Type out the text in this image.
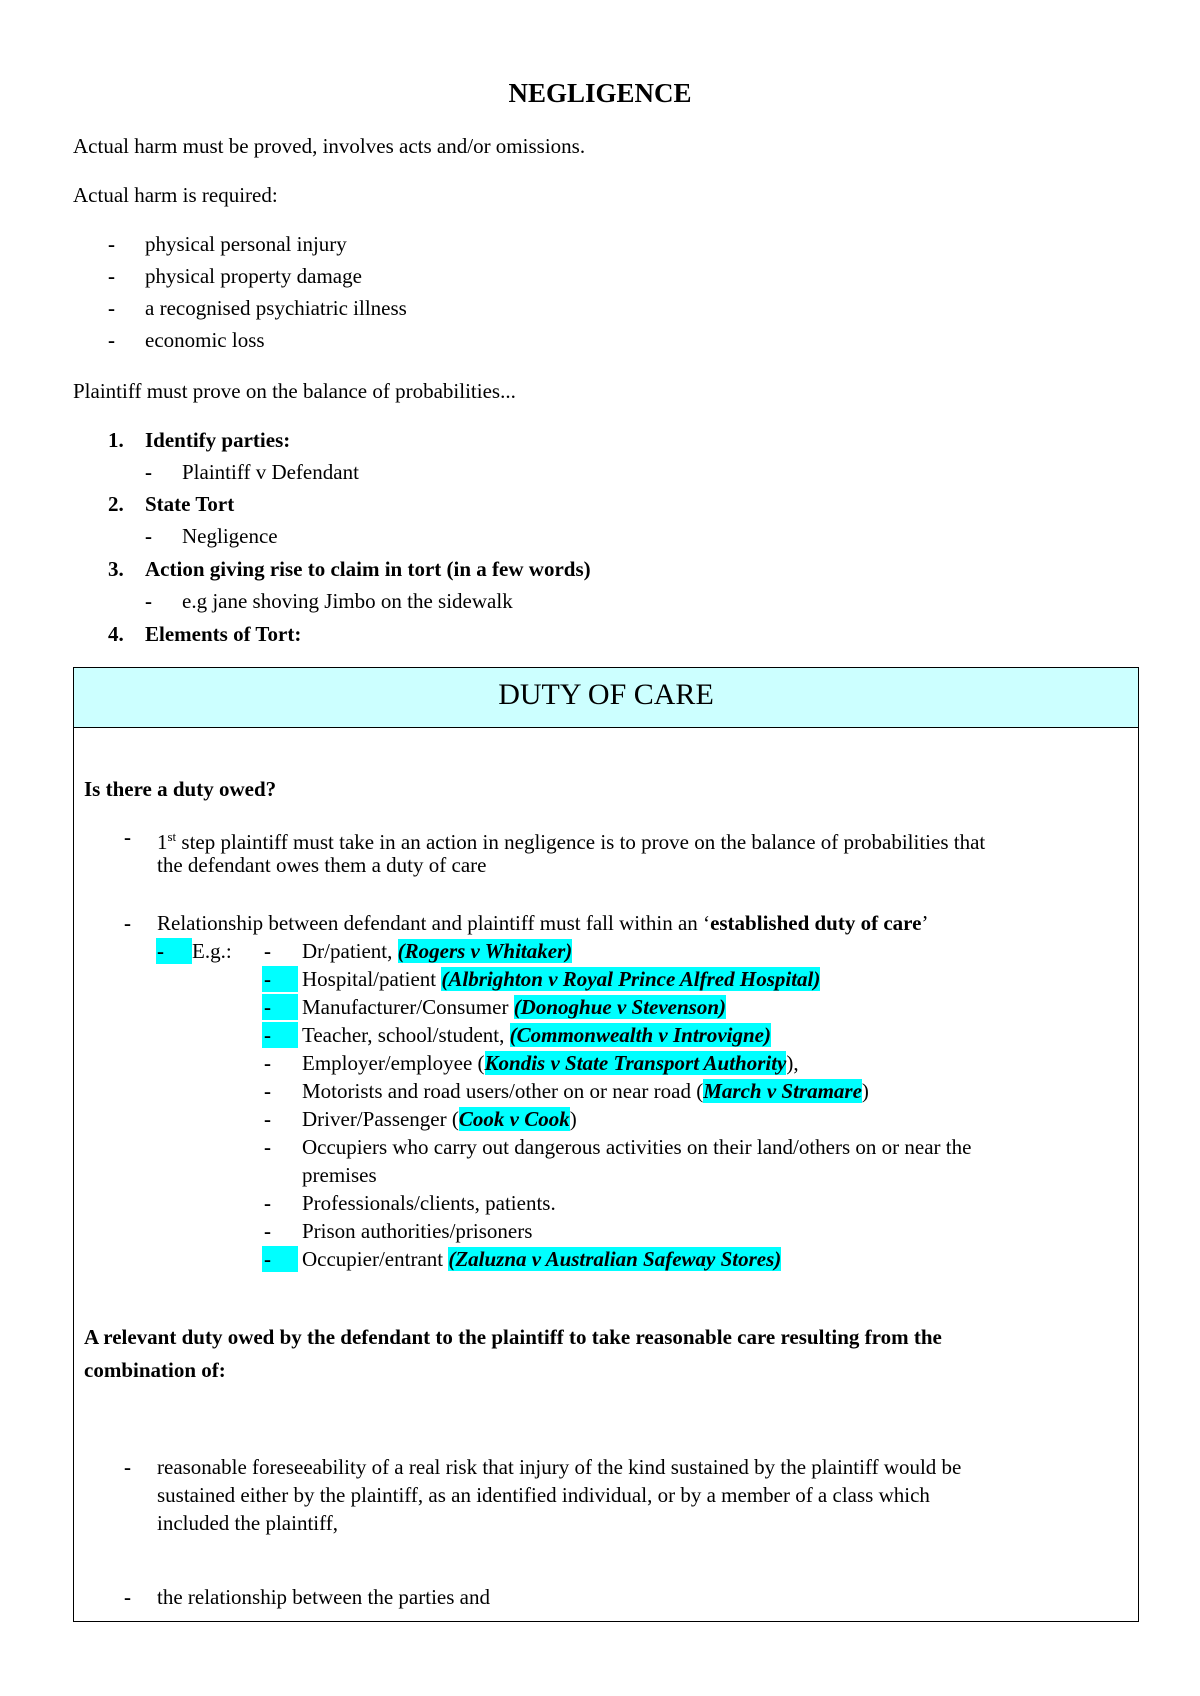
NEGLIGENCE
Actual harm must be proved, involves acts and/or omissions.
Actual harm is required:
- physical personal injury
- physical property damage
- a recognised psychiatric illness
- economic loss
Plaintiff must prove on the balance of probabilities...
1. Identify parties:
- Plaintiff v Defendant
2. State Tort
- Negligence
3. Action giving rise to claim in tort (in a few words)
- e.g jane shoving Jimbo on the sidewalk
4. Elements of Tort:
DUTY OF CARE
Is there a duty owed?
- 1st step plaintiff must take in an action in negligence is to prove on the balance of probabilities that
the defendant owes them a duty of care
- Relationship between defendant and plaintiff must fall within an ‘established duty of care’
- E.g.: - Dr/patient, (Rogers v Whitaker)
- Hospital/patient (Albrighton v Royal Prince Alfred Hospital)
- Manufacturer/Consumer (Donoghue v Stevenson)
- Teacher, school/student, (Commonwealth v Introvigne)
- Employer/employee (Kondis v State Transport Authority),
- Motorists and road users/other on or near road (March v Stramare)
- Driver/Passenger (Cook v Cook)
- Occupiers who carry out dangerous activities on their land/others on or near the
premises
- Professionals/clients, patients.
- Prison authorities/prisoners
- Occupier/entrant (Zaluzna v Australian Safeway Stores)
A relevant duty owed by the defendant to the plaintiff to take reasonable care resulting from the
combination of:
- reasonable foreseeability of a real risk that injury of the kind sustained by the plaintiff would be
sustained either by the plaintiff, as an identified individual, or by a member of a class which
included the plaintiff,
- the relationship between the parties and
